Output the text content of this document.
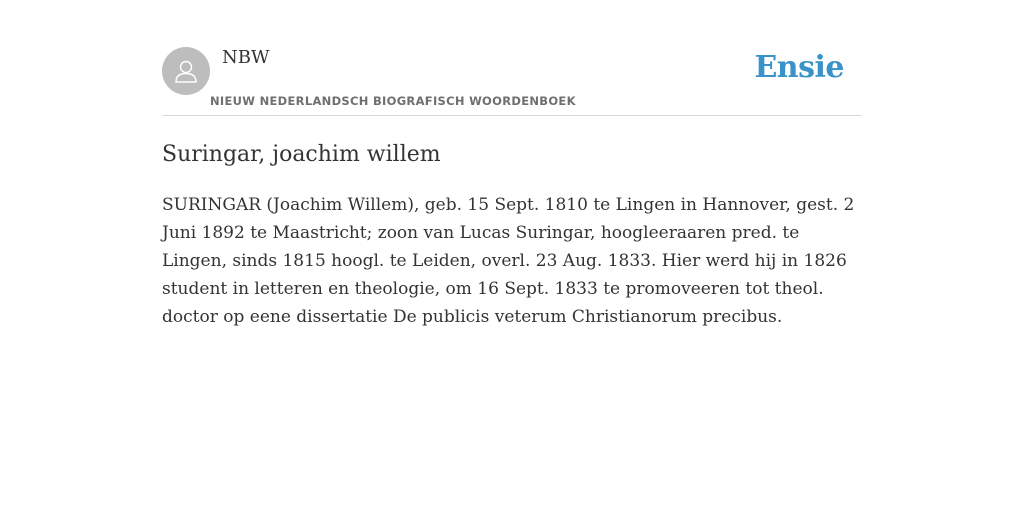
NBW
NIEUW NEDERLANDSCH BIOGRAFISCH WOORDENBOEK
Ensie
Suringar, joachim willem

SURINGAR (Joachim Willem), geb. 15 Sept. 1810 te Lingen in Hannover, gest. 2 Juni 1892 te Maastricht; zoon van Lucas Suringar, hoogleeraaren pred. te Lingen, sinds 1815 hoogl. te Leiden, overl. 23 Aug. 1833. Hier werd hij in 1826 student in letteren en theologie, om 16 Sept. 1833 te promoveeren tot theol. doctor op eene dissertatie De publicis veterum Christianorum precibus.
